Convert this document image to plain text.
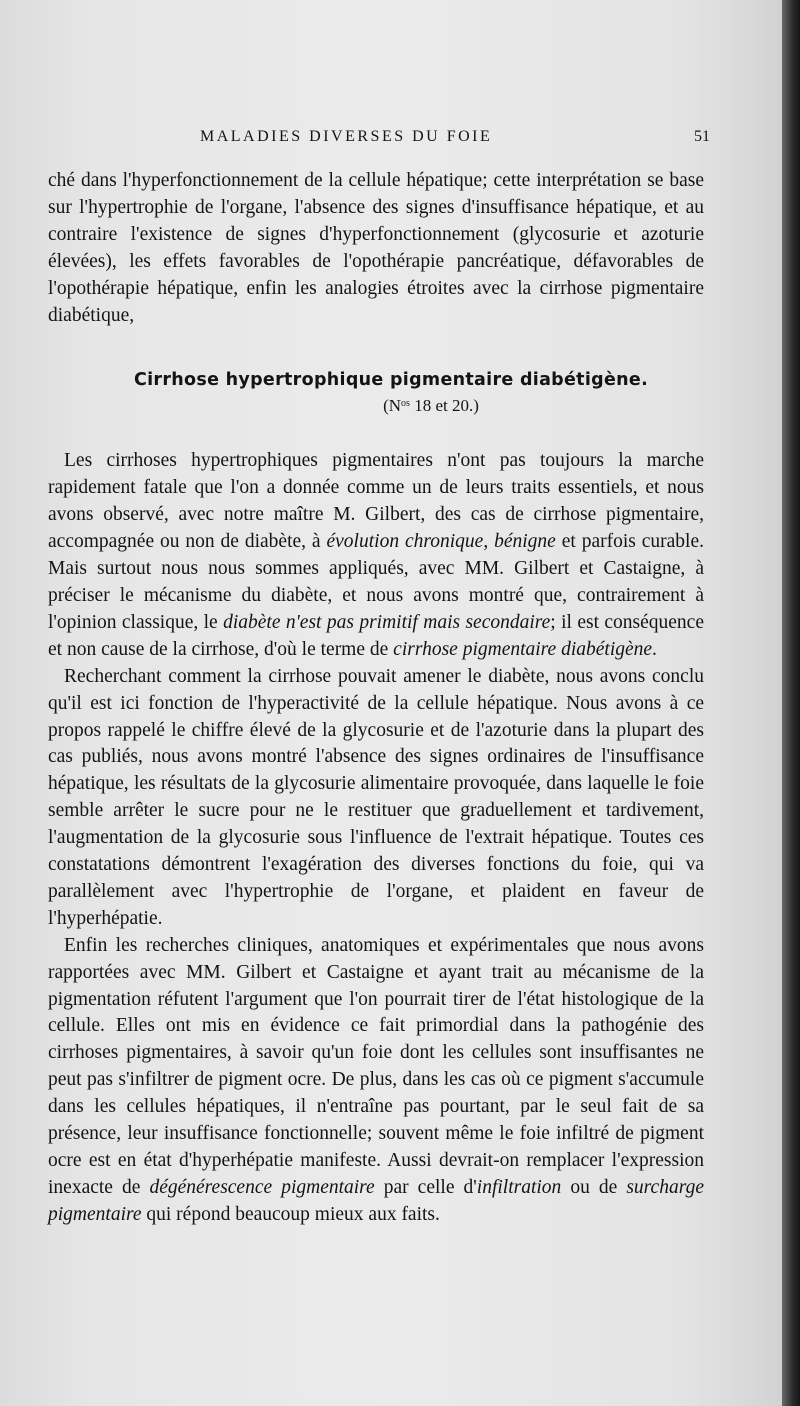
MALADIES DIVERSES DU FOIE	51

ché dans l'hyperfonctionnement de la cellule hépatique; cette interprétation se base sur l'hypertrophie de l'organe, l'absence des signes d'insuffisance hépatique, et au contraire l'existence de signes d'hyperfonctionnement (glycosurie et azoturie élevées), les effets favorables de l'opothérapie pancréatique, défavorables de l'opothérapie hépatique, enfin les analogies étroites avec la cirrhose pigmentaire diabétique,

Cirrhose hypertrophique pigmentaire diabétigène.
($N^{os}$ 18 et 20.)

Les cirrhoses hypertrophiques pigmentaires n'ont pas toujours la marche rapidement fatale que l'on a donnée comme un de leurs traits essentiels, et nous avons observé, avec notre maître M. Gilbert, des cas de cirrhose pigmentaire, accompagnée ou non de diabète, à évolution chronique, bénigne et parfois curable. Mais surtout nous nous sommes appliqués, avec MM. Gilbert et Castaigne, à préciser le mécanisme du diabète, et nous avons montré que, contrairement à l'opinion classique, le diabète n'est pas primitif mais secondaire; il est conséquence et non cause de la cirrhose, d'où le terme de cirrhose pigmentaire diabétigène.

Recherchant comment la cirrhose pouvait amener le diabète, nous avons conclu qu'il est ici fonction de l'hyperactivité de la cellule hépatique. Nous avons à ce propos rappelé le chiffre élevé de la glycosurie et de l'azoturie dans la plupart des cas publiés, nous avons montré l'absence des signes ordinaires de l'insuffisance hépatique, les résultats de la glycosurie alimentaire provoquée, dans laquelle le foie semble arrêter le sucre pour ne le restituer que graduellement et tardivement, l'augmentation de la glycosurie sous l'influence de l'extrait hépatique. Toutes ces constatations démontrent l'exagération des diverses fonctions du foie, qui va parallèlement avec l'hypertrophie de l'organe, et plaident en faveur de l'hyperhépatie.

Enfin les recherches cliniques, anatomiques et expérimentales que nous avons rapportées avec MM. Gilbert et Castaigne et ayant trait au mécanisme de la pigmentation réfutent l'argument que l'on pourrait tirer de l'état histologique de la cellule. Elles ont mis en évidence ce fait primordial dans la pathogénie des cirrhoses pigmentaires, à savoir qu'un foie dont les cellules sont insuffisantes ne peut pas s'infiltrer de pigment ocre. De plus, dans les cas où ce pigment s'accumule dans les cellules hépatiques, il n'entraîne pas pourtant, par le seul fait de sa présence, leur insuffisance fonctionnelle; souvent même le foie infiltré de pigment ocre est en état d'hyperhépatie manifeste. Aussi devrait-on remplacer l'expression inexacte de dégénérescence pigmentaire par celle d'infiltration ou de surcharge pigmentaire qui répond beaucoup mieux aux faits.
